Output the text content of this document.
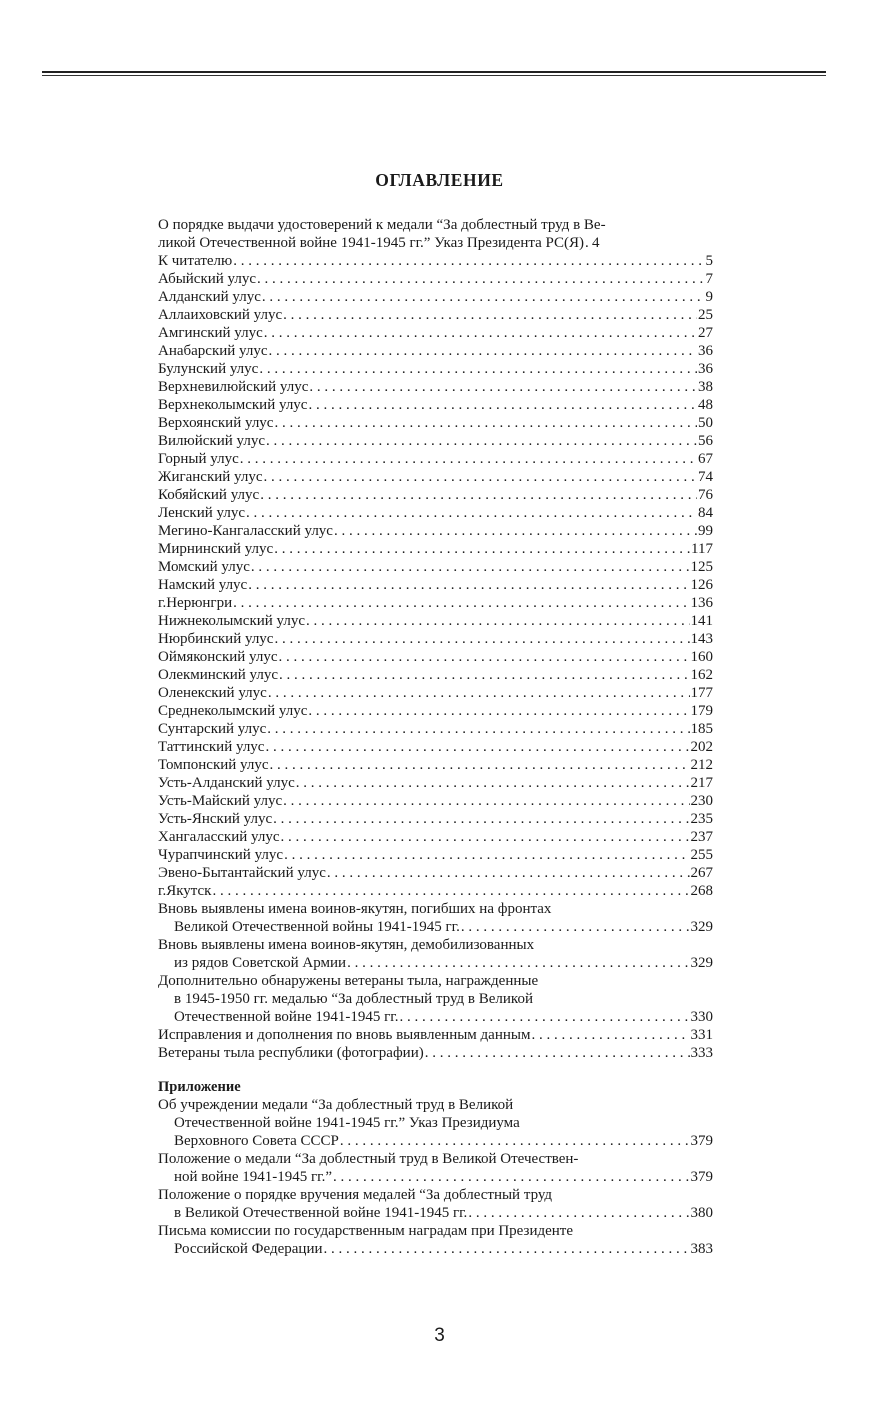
ОГЛАВЛЕНИЕ
О порядке выдачи удостоверений к медали “За доблестный труд в Ве-
ликой Отечественной войне 1941-1945 гг.” Указ Президента РС(Я) . . . 4
К читателю . . .	5
Абыйский улус . . .	7
Алданский улус . . .	9
Аллаиховский улус . . .	25
Амгинский улус . . .	27
Анабарский улус . . .	36
Булунский улус . . .	36
Верхневилюйский улус . . .	38
Верхнеколымский улус . . .	48
Верхоянский улус . . .	50
Вилюйский улус . . .	56
Горный улус . . .	67
Жиганский улус . . .	74
Кобяйский улус . . .	76
Ленский улус . . .	84
Мегино-Кангаласский улус . . .	99
Мирнинский улус . . .	117
Момский улус . . .	125
Намский улус . . .	126
г.Нерюнгри . . .	136
Нижнеколымский улус . . .	141
Нюрбинский улус . . .	143
Оймяконский улус . . .	160
Олекминский улус . . .	162
Оленекский улус . . .	177
Среднеколымский улус . . .	179
Сунтарский улус . . .	185
Таттинский улус . . .	202
Томпонский улус . . .	212
Усть-Алданский улус . . .	217
Усть-Майский улус . . .	230
Усть-Янский улус . . .	235
Хангаласский улус . . .	237
Чурапчинский улус . . .	255
Эвено-Бытантайский улус . . .	267
г.Якутск . . .	268
Вновь выявлены имена воинов-якутян, погибших на фронтах
Великой Отечественной войны 1941-1945 гг. . . .	329
Вновь выявлены имена воинов-якутян, демобилизованных
из рядов Советской Армии . . .	329
Дополнительно обнаружены ветераны тыла, награжденные
в 1945-1950 гг. медалью “За доблестный труд в Великой
Отечественной войне 1941-1945 гг. . . .	330
Исправления и дополнения по вновь выявленным данным . . .	331
Ветераны тыла республики (фотографии) . . .	333
Приложение
Об учреждении медали “За доблестный труд в Великой
Отечественной войне 1941-1945 гг.” Указ Президиума
Верховного Совета СССР . . .	379
Положение о медали “За доблестный труд в Великой Отечествен-
ной войне 1941-1945 гг.” . . .	379
Положение о порядке вручения медалей “За доблестный труд
в Великой Отечественной войне 1941-1945 гг. . . .	380
Письма комиссии по государственным наградам при Президенте
Российской Федерации . . .	383
3
